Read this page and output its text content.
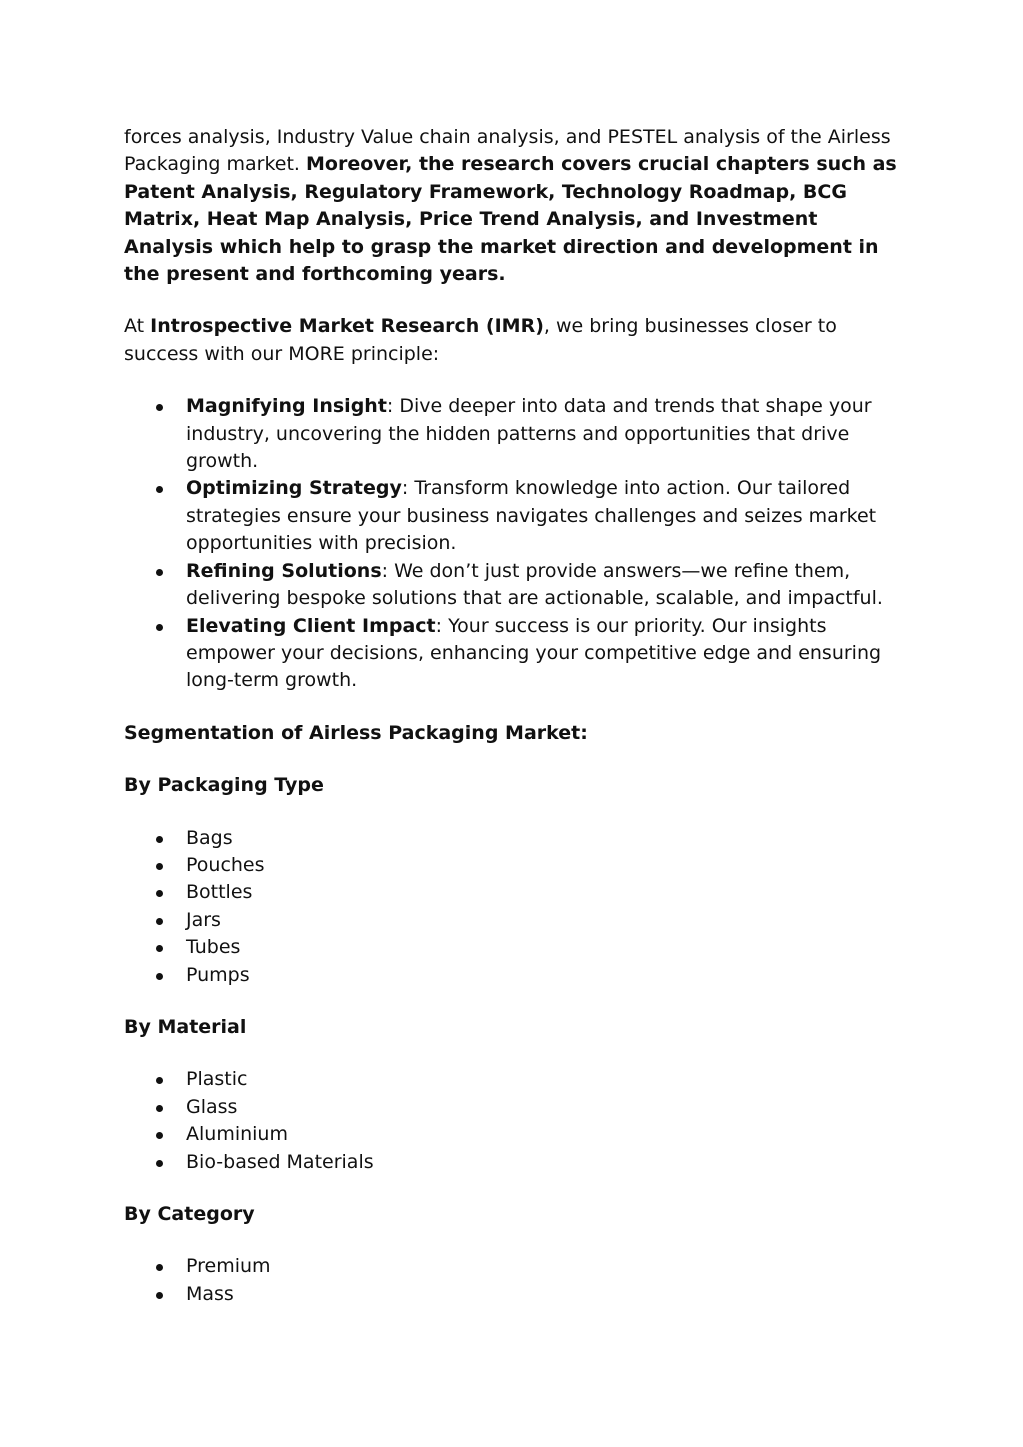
forces analysis, Industry Value chain analysis, and PESTEL analysis of the Airless Packaging market. Moreover, the research covers crucial chapters such as Patent Analysis, Regulatory Framework, Technology Roadmap, BCG Matrix, Heat Map Analysis, Price Trend Analysis, and Investment Analysis which help to grasp the market direction and development in the present and forthcoming years.

At Introspective Market Research (IMR), we bring businesses closer to success with our MORE principle:

Magnifying Insight: Dive deeper into data and trends that shape your industry, uncovering the hidden patterns and opportunities that drive growth.
Optimizing Strategy: Transform knowledge into action. Our tailored strategies ensure your business navigates challenges and seizes market opportunities with precision.
Refining Solutions: We don’t just provide answers—we refine them, delivering bespoke solutions that are actionable, scalable, and impactful.
Elevating Client Impact: Your success is our priority. Our insights empower your decisions, enhancing your competitive edge and ensuring long-term growth.

Segmentation of Airless Packaging Market:

By Packaging Type

Bags
Pouches
Bottles
Jars
Tubes
Pumps

By Material

Plastic
Glass
Aluminium
Bio-based Materials

By Category

Premium
Mass
